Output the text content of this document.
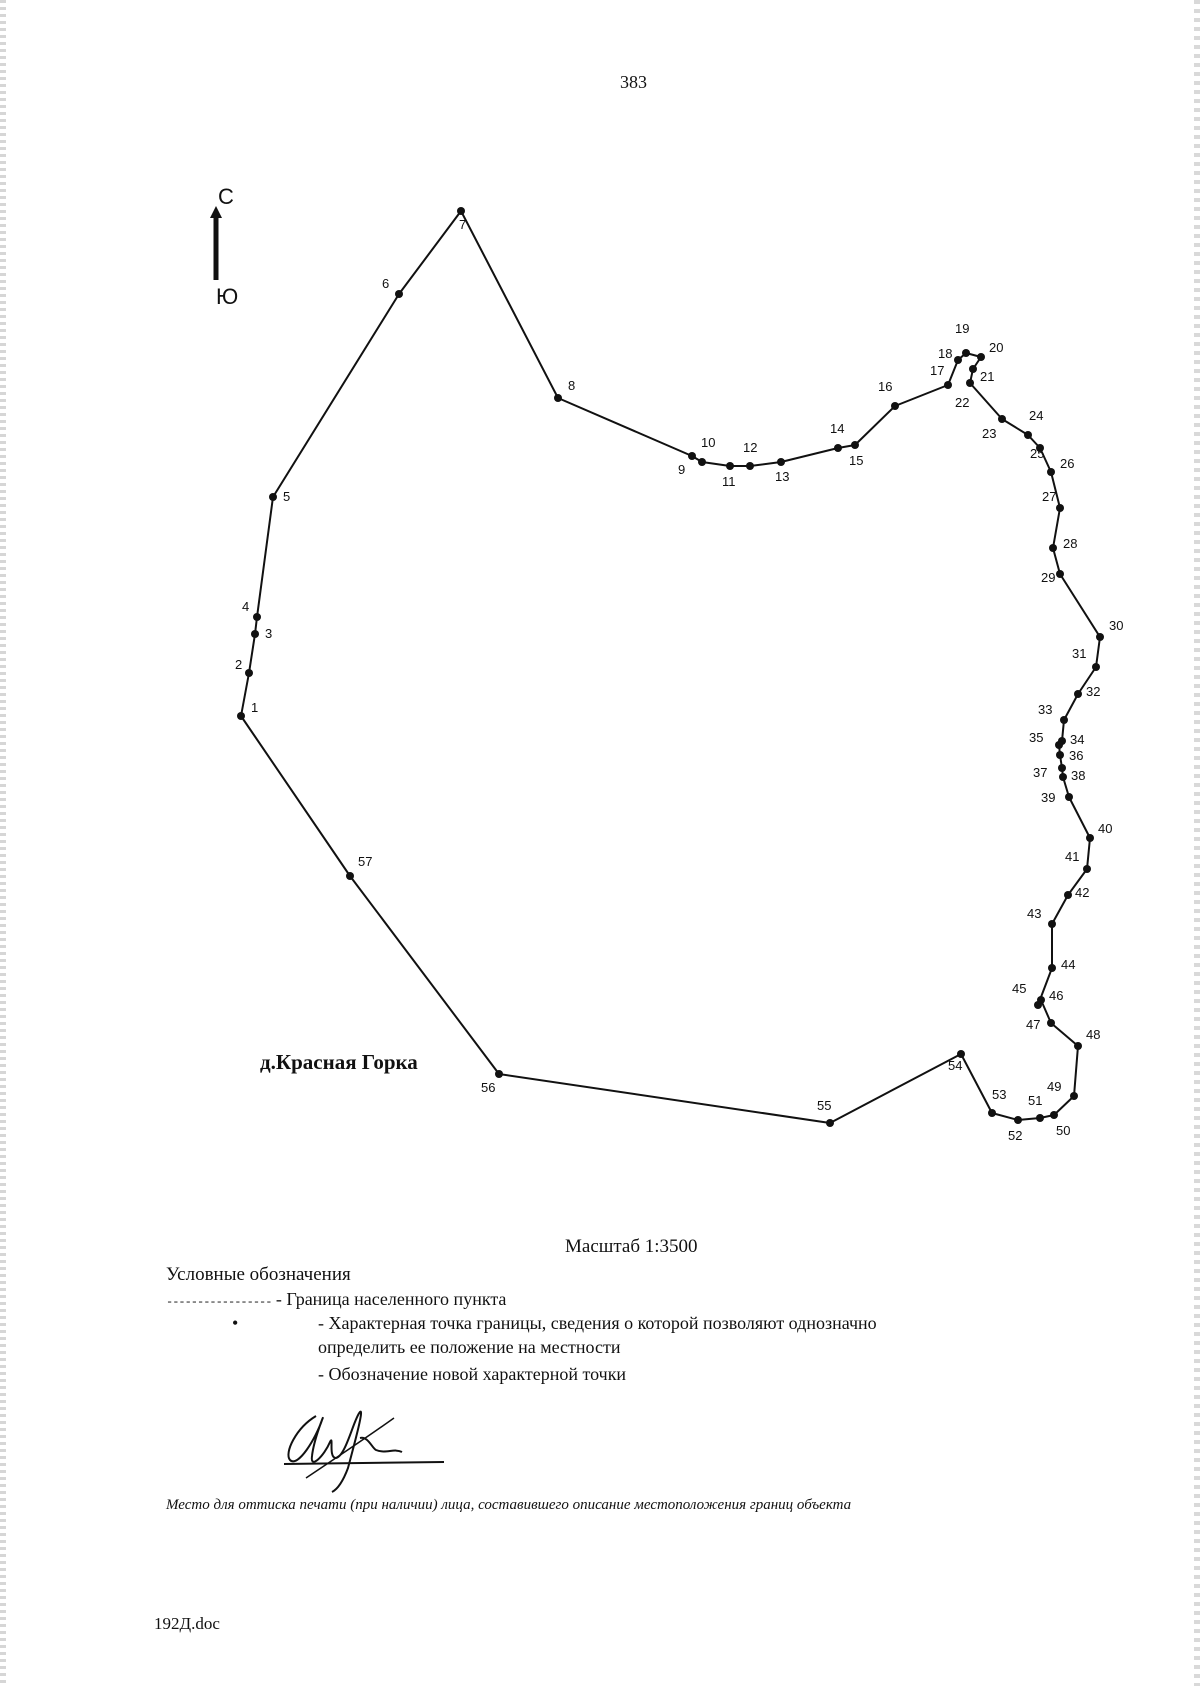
383
С
Ю
1
2
3
4
5
6
7
8
9
10
11
12
13
14
15
16
17
18
19
20
21
22
23
24
25
26
27
28
29
30
31
32
33
34
35
36
37 38
39
40
41
42
43
44
45 46
47
48
49
50
51
52
53
54
55
56
57
д.Красная Горка
Масштаб 1:3500
Условные обозначения
----------------- - Граница населенного пункта
•	- Характерная точка границы, сведения о которой позволяют однозначно
определить ее положение на местности
- Обозначение новой характерной точки
Место для оттиска печати (при наличии) лица, составившего описание местоположения границ объекта
192Д.doc
